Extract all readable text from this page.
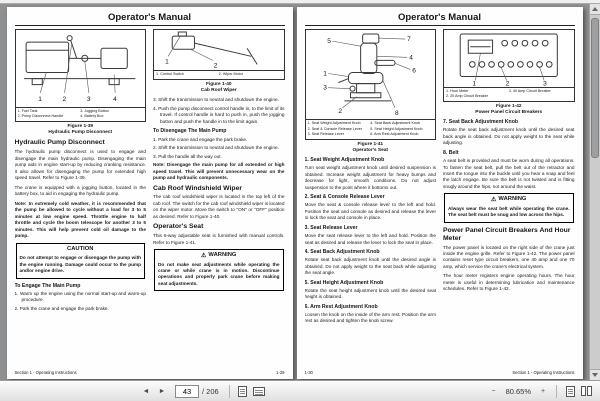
Operator's Manual
1	2	3	4
1. Fuel Tank	3. Jogging Button
2. Pump Disconnect Handle	4. Battery Box
Figure 1-39
Hydraulic Pump Disconnect
Hydraulic Pump Disconnect
The hydraulic pump disconnect is used to engage and disengage the main hydraulic pump. Disengaging the main pump aids in engine start-up by reducing cranking resistance. It also allows for disengaging the pump for extended high speed travel. Refer to Figure 1-39.
The crane is equipped with a jogging button, located in the battery box, to aid in engaging the hydraulic pump.
Note: In extremely cold weather, it is recommended that the pump be allowed to cycle without a load for 3 to 5 minutes at low engine speed. Throttle engine to half throttle and cycle the boom telescope for another 3 to 5 minutes. This will help prevent cold oil damage to the pump.
CAUTION
Do not attempt to engage or disengage the pump with the engine running. Damage could occur to the pump and/or engine drive.
To Engage The Main Pump
1. Warm up the engine using the normal start-up and warm-up procedure.
2. Park the crane and engage the park brake.
1
2
1. Control Switch	2. Wiper Motor
Figure 1-40
Cab Roof Wiper
3. Shift the transmission to neutral and shutdown the engine.
4. Push the pump disconnect control handle in, to the limit of its travel. If control handle is hard to push in, push the jogging button and push the handle in to the limit again.
To Disengage The Main Pump
1. Park the crane and engage the park brake.
2. Shift the transmission to neutral and shutdown the engine.
3. Pull the handle all the way out.
Note: Disengage the main pump for all extended or high speed travel. This will prevent unnecessary wear on the pump and hydraulic components.
Cab Roof Windshield Wiper
The cab roof windshield wiper is located in the top left of the cab roof. The switch for the cab roof windshield wiper is located on the wiper motor. Move the switch to "ON" or "OFF" position as desired. Refer to Figure 1-40.
Operator's Seat
This 6-way adjustable seat is furnished with manual controls. Refer to Figure 1-41.
⚠ WARNING
Do not make seat adjustments while operating the crane or while crane is in motion. Discontinue operations and properly park crane before making seat adjustments.
Section 1 - Operating Instructions	1-29
Operator's Manual
5	7
4
6
1
3
2	8
1. Seat Weight Adjustment Knob	4. Seat Back Adjustment Knob
2. Seat & Console Release Lever	5. Seat Height Adjustment Knob
3. Seat Release Lever	6. Arm Rest Adjustment Knob
Figure 1-41
Operator's Seat
1. Seat Weight Adjustment Knob
Turn seat weight adjustment knob until desired suspension is obtained. Increase weight adjustment for heavy bumps and decrease for light, smooth conditions. Do not adjust suspension to the point where it bottoms out.
2. Seat & Console Release Lever
Move the seat & console release lever to the left and hold. Position the seat and console as desired and release the lever to lock the seat and console in place.
3. Seat Release Lever
Move the seat release lever to the left and hold. Position the seat as desired and release the lever to lock the seat in place.
4. Seat Back Adjustment Knob
Rotate seat back adjustment knob until the desired angle is obtained. Do not apply weight to the seat back while adjusting the seat angle.
5. Seat Height Adjustment Knob
Rotate the seat height adjustment knob until the desired seat height is obtained.
6. Arm Rest Adjustment Knob
Loosen the knob on the inside of the arm rest. Position the arm rest as desired and tighten the knob screw.
1	2	3
1. Hour Meter	3. 40 Amp Circuit Breaker
2. 20 Amp Circuit Breaker
Figure 1-42
Power Panel Circuit Breakers
7. Seat Back Adjustment Knob
Rotate the seat back adjustment knob until the desired seat back angle is obtained. Do not apply weight to the seat while adjusting.
8. Belt
A seat belt is provided and must be worn during all operations. To fasten the seat belt, pull the belt out of the retractor and insert the tongue into the buckle until you hear a snap and feel the latch engage. Be sure the belt is not twisted and is fitting snugly around the hips, not around the waist.
⚠ WARNING
Always wear the seat belt while operating the crane. The seat belt must be snug and low across the hips.
Power Panel Circuit Breakers And Hour Meter
The power panel is located on the right side of the crane just inside the engine grille. Refer to Figure 1-42. The power panel contains reset type circuit breakers, one 40 amp and one 70 amp, which service the crane's electrical system.
The hour meter registers engine operating hours. The hour meter is useful in determining lubrication and maintenance schedules. Refer to Figure 1-42.
1-30	Section 1 - Operating Instructions
◄	►
43	/ 206	−	80.65%	+
